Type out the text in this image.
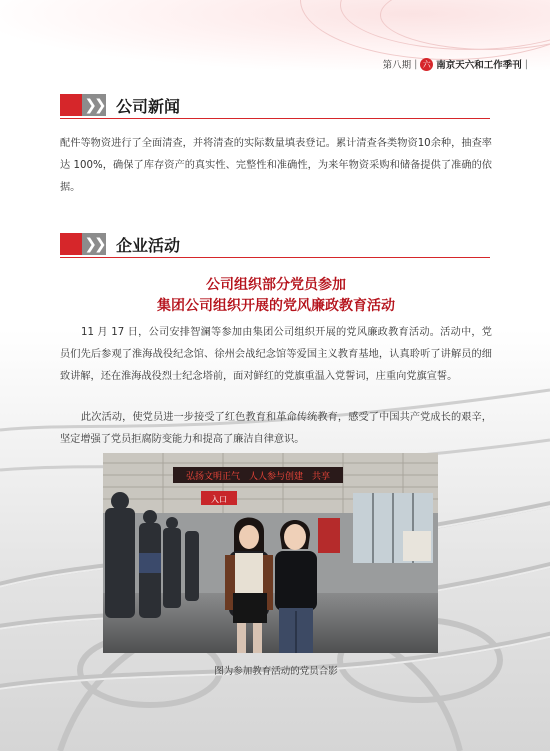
第八期 | 六 南京天六和工作季刊 |
❯❯ 公司新闻
配件等物资进行了全面清查，并将清查的实际数量填表登记。累计清查各类物资10余种，抽查率达 100%，确保了库存资产的真实性、完整性和准确性，为来年物资采购和储备提供了准确的依据。
❯❯ 企业活动
公司组织部分党员参加
集团公司组织开展的党风廉政教育活动
11 月 17 日，公司安排智澜等参加由集团公司组织开展的党风廉政教育活动。活动中，党员们先后参观了淮海战役纪念馆、徐州会战纪念馆等爱国主义教育基地，认真聆听了讲解员的细致讲解，还在淮海战役烈士纪念塔前，面对鲜红的党旗重温入党誓词，庄重向党旗宣誓。
此次活动，使党员进一步接受了红色教育和革命传统教育，感受了中国共产党成长的艰辛，坚定增强了党员拒腐防变能力和提高了廉洁自律意识。
弘扬文明正气　人人参与创建　共享
入口
图为参加教育活动的党员合影
